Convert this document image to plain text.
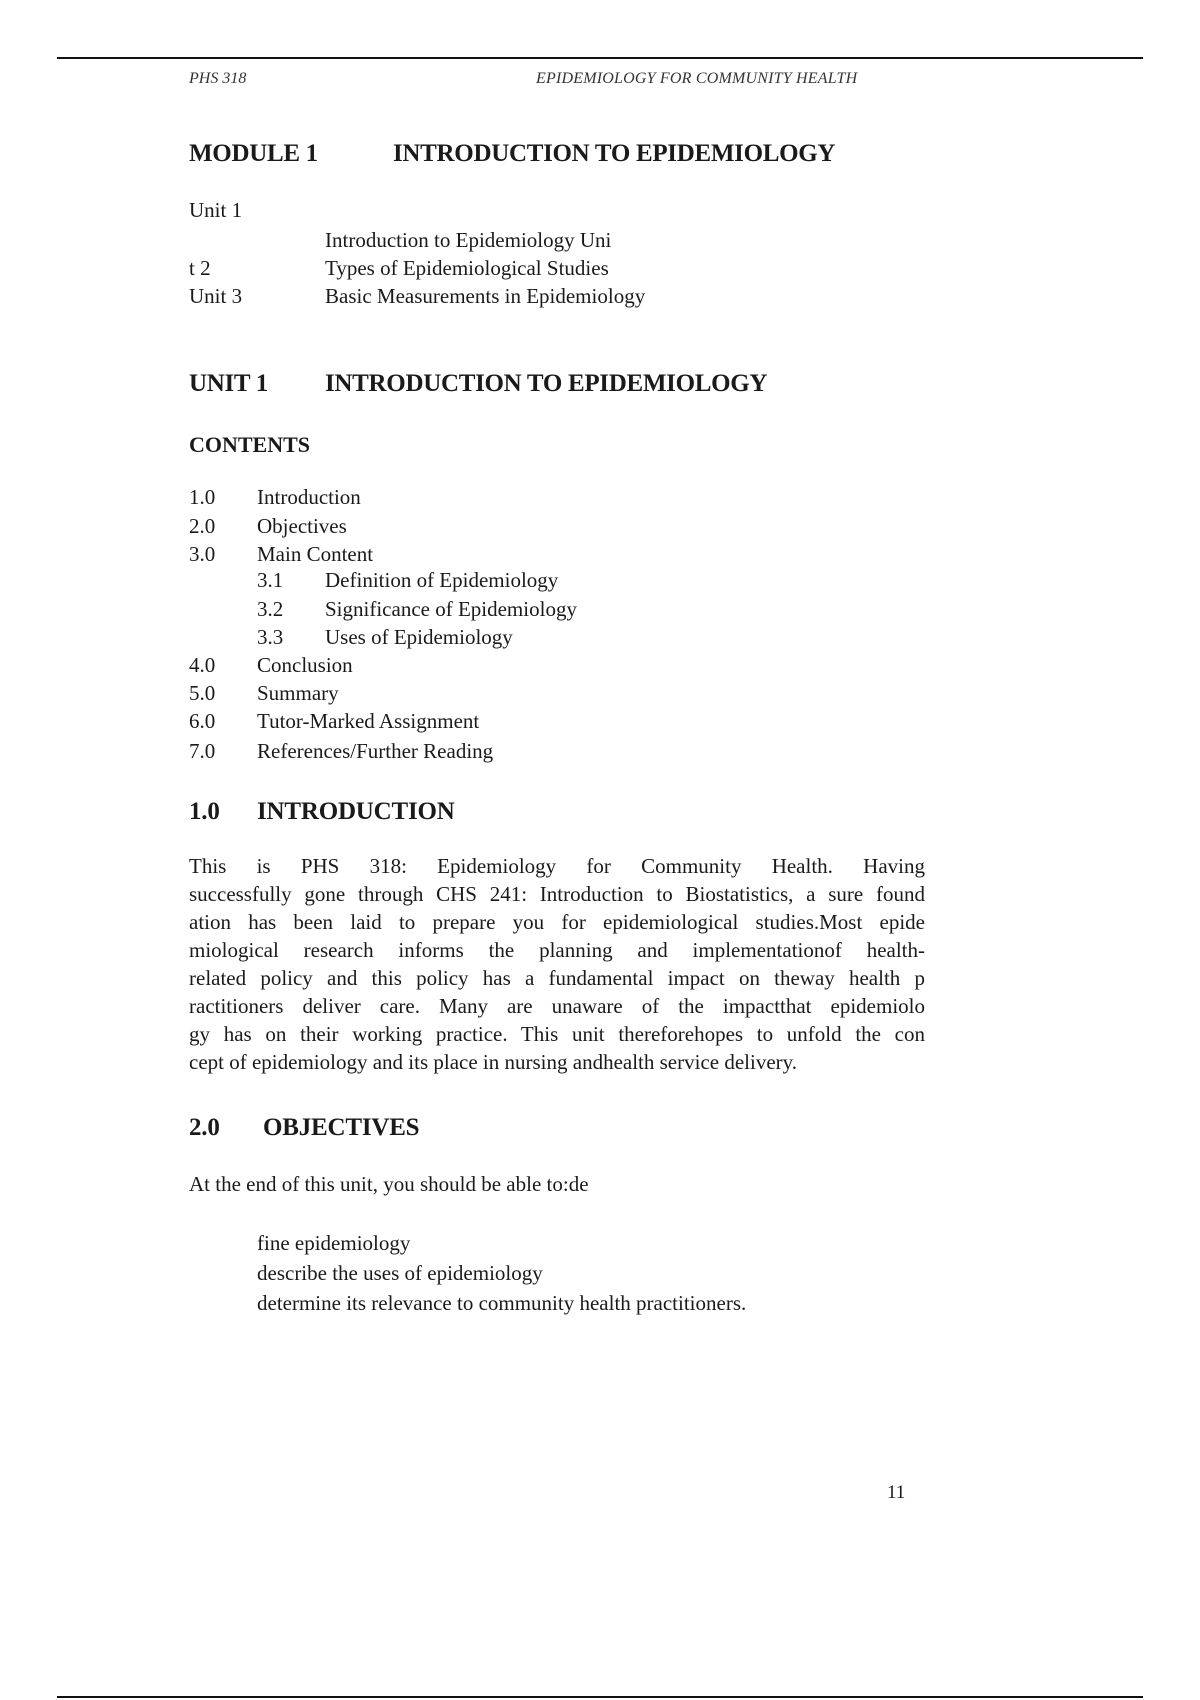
PHS 318	EPIDEMIOLOGY FOR COMMUNITY HEALTH
MODULE 1	INTRODUCTION TO EPIDEMIOLOGY
Unit 1
Introduction to Epidemiology Uni
t 2	Types of Epidemiological Studies
Unit 3	Basic Measurements in Epidemiology
UNIT 1 INTRODUCTION TO EPIDEMIOLOGY
CONTENTS
1.0 Introduction
2.0 Objectives
3.0 Main Content
3.1 Definition of Epidemiology
3.2 Significance of Epidemiology
3.3 Uses of Epidemiology
4.0 Conclusion
5.0 Summary
6.0 Tutor-Marked Assignment
7.0 References/Further Reading
1.0 INTRODUCTION
This is PHS 318: Epidemiology for Community Health. Having
successfully gone through CHS 241: Introduction to Biostatistics, a sure found
ation has been laid to prepare you for epidemiological studies.Most epide
miological research informs the planning and implementationof health-
related policy and this policy has a fundamental impact on theway health p
ractitioners deliver care. Many are unaware of the impactthat epidemiolo
gy has on their working practice. This unit thereforehopes to unfold the con
cept of epidemiology and its place in nursing andhealth service delivery.
2.0 OBJECTIVES
At the end of this unit, you should be able to:de
fine epidemiology
describe the uses of epidemiology
determine its relevance to community health practitioners.
11
